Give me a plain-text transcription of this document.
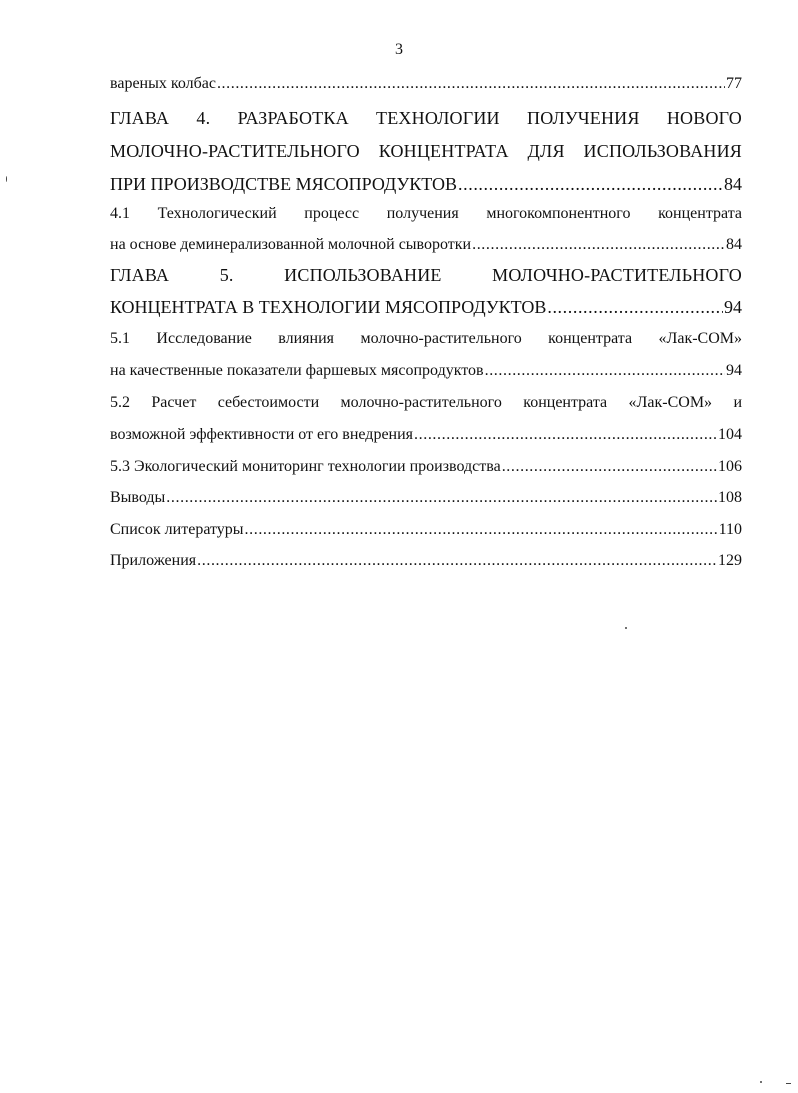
3
вареных колбас .....	77
ГЛАВА 4. РАЗРАБОТКА ТЕХНОЛОГИИ ПОЛУЧЕНИЯ НОВОГО
МОЛОЧНО-РАСТИТЕЛЬНОГО КОНЦЕНТРАТА ДЛЯ ИСПОЛЬЗОВАНИЯ
ПРИ ПРОИЗВОДСТВЕ МЯСОПРОДУКТОВ .....	84
4.1 Технологический процесс получения многокомпонентного концентрата
на основе деминерализованной молочной сыворотки .....	84
ГЛАВА 5. ИСПОЛЬЗОВАНИЕ МОЛОЧНО-РАСТИТЕЛЬНОГО
КОНЦЕНТРАТА В ТЕХНОЛОГИИ МЯСОПРОДУКТОВ .....	94
5.1 Исследование влияния молочно-растительного концентрата «Лак-СОМ»
на качественные показатели фаршевых мясопродуктов .....	94
5.2 Расчет себестоимости молочно-растительного концентрата «Лак-СОМ» и
возможной эффективности от его внедрения .....	104
5.3 Экологический мониторинг технологии производства .....	106
Выводы .....	108
Список литературы .....	110
Приложения .....	129
